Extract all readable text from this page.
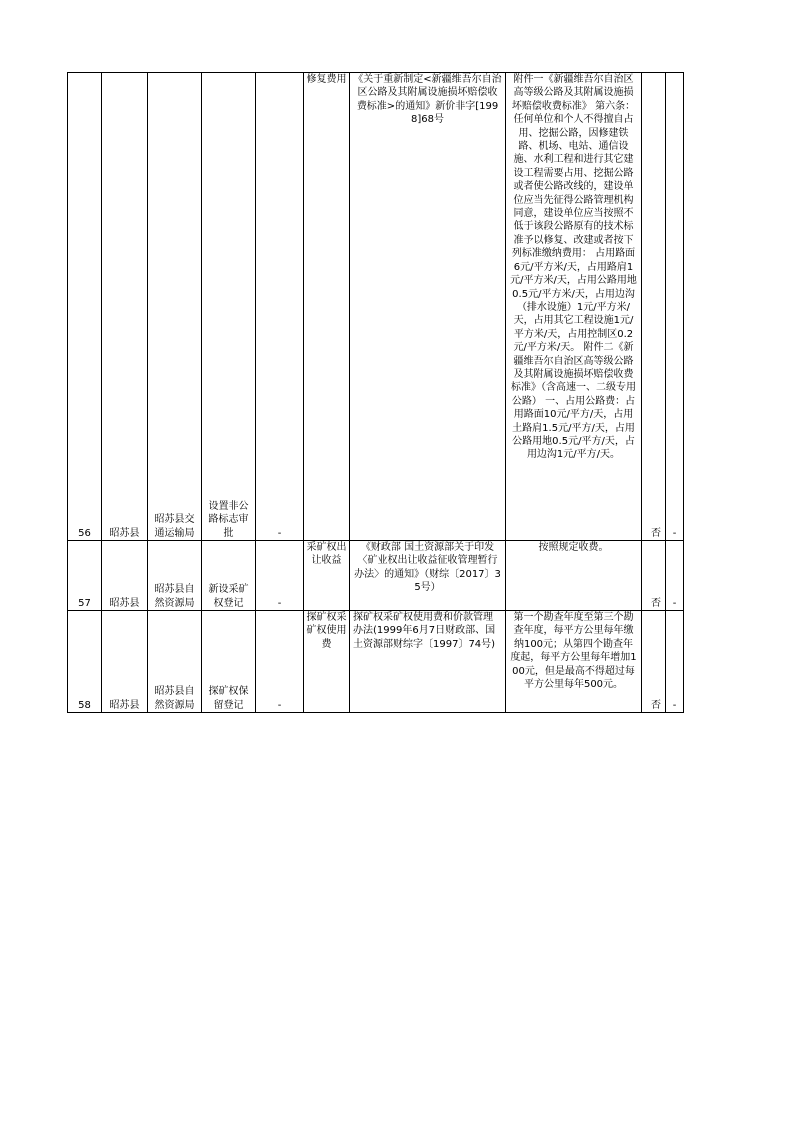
56	昭苏县	昭苏县交通运输局	设置非公路标志审批	-	修复费用	《关于重新制定<新疆维吾尔自治区公路及其附属设施损坏赔偿收费标准>的通知》新价非字[1998]68号	附件一《新疆维吾尔自治区高等级公路及其附属设施损坏赔偿收费标准》 第六条：任何单位和个人不得擅自占用、挖掘公路，因修建铁路、机场、电站、通信设施、水利工程和进行其它建设工程需要占用、挖掘公路或者使公路改线的，建设单位应当先征得公路管理机构同意，建设单位应当按照不低于该段公路原有的技术标准予以修复、改建或者按下列标准缴纳费用： 占用路面6元/平方米/天，占用路肩1元/平方米/天，占用公路用地0.5元/平方米/天，占用边沟（排水设施）1元/平方米/天，占用其它工程设施1元/平方米/天，占用控制区0.2元/平方米/天。 附件二《新疆维吾尔自治区高等级公路及其附属设施损坏赔偿收费标准》（含高速一、二级专用公路） 一、占用公路费：占用路面10元/平方/天，占用土路肩1.5元/平方/天，占用公路用地0.5元/平方/天，占用边沟1元/平方/天。	否	-
57	昭苏县	昭苏县自然资源局	新设采矿权登记	-	采矿权出让收益	《财政部 国土资源部关于印发〈矿业权出让收益征收管理暂行办法〉的通知》（财综〔2017〕35号）	按照规定收费。	否	-
58	昭苏县	昭苏县自然资源局	探矿权保留登记	-	探矿权采矿权使用费	探矿权采矿权使用费和价款管理办法(1999年6月7日财政部、国土资源部财综字〔1997〕74号)	第一个勘查年度至第三个勘查年度，每平方公里每年缴纳100元；从第四个勘查年度起，每平方公里每年增加100元，但是最高不得超过每平方公里每年500元。	否	-
